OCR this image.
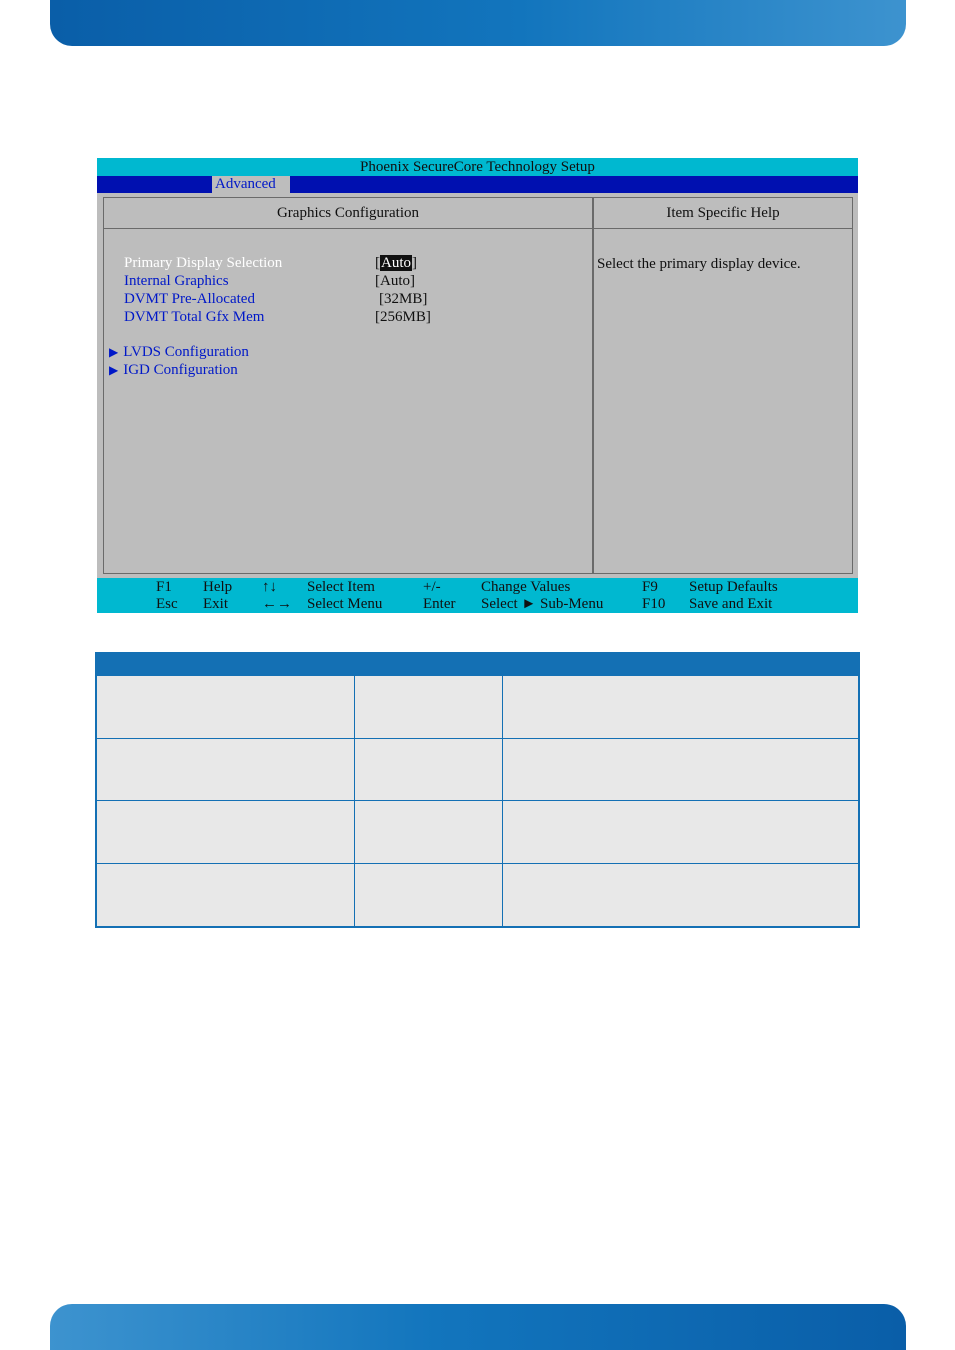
Phoenix SecureCore Technology Setup
Advanced
Graphics Configuration
Primary Display Selection	[Auto]
Internal Graphics	[Auto]
DVMT Pre-Allocated	[32MB]
DVMT Total Gfx Mem	[256MB]
▶ LVDS Configuration
▶ IGD Configuration
Item Specific Help
Select the primary display device.
F1 Help ↑↓ Select Item	+/-	Change Values	F9 Setup Defaults
Esc Exit ←→ Select Menu	Enter Select ► Sub-Menu	F10 Save and Exit
